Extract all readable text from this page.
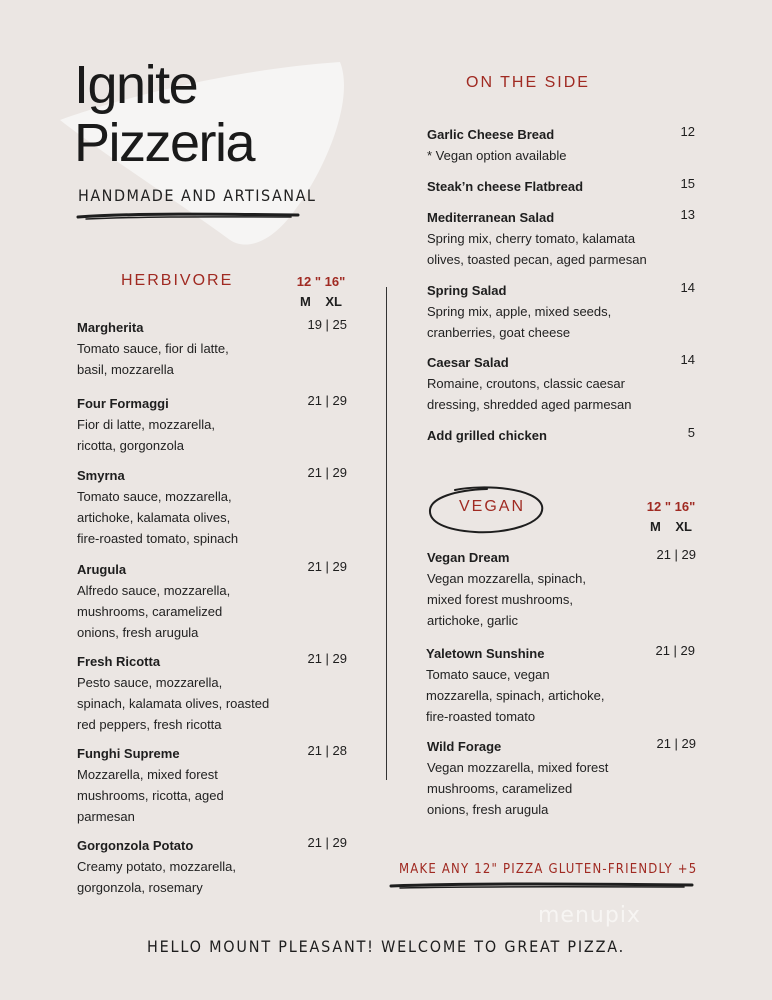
Ignite
Pizzeria
HANDMADE AND ARTISANAL
HERBIVORE	12 " 16"
M XL
Margherita
Tomato sauce, fior di latte,
basil, mozzarella
19 | 25
Four Formaggi
Fior di latte, mozzarella,
ricotta, gorgonzola
21 | 29
Smyrna
Tomato sauce, mozzarella,
artichoke, kalamata olives,
fire-roasted tomato, spinach
21 | 29
Arugula
Alfredo sauce, mozzarella,
mushrooms, caramelized
onions, fresh arugula
21 | 29
Fresh Ricotta
Pesto sauce, mozzarella,
spinach, kalamata olives, roasted
red peppers, fresh ricotta
21 | 29
Funghi Supreme
Mozzarella, mixed forest
mushrooms, ricotta, aged
parmesan
21 | 28
Gorgonzola Potato
Creamy potato, mozzarella,
gorgonzola, rosemary
21 | 29
ON THE SIDE
Garlic Cheese Bread
* Vegan option available
12
Steak’n cheese Flatbread	15
Mediterranean Salad
Spring mix, cherry tomato, kalamata
olives, toasted pecan, aged parmesan
13
Spring Salad
Spring mix, apple, mixed seeds,
cranberries, goat cheese
14
Caesar Salad
Romaine, croutons, classic caesar
dressing, shredded aged parmesan
14
Add grilled chicken	5
VEGAN	12 " 16"
M XL
Vegan Dream
Vegan mozzarella, spinach,
mixed forest mushrooms,
artichoke, garlic
21 | 29
Yaletown Sunshine
Tomato sauce, vegan
mozzarella, spinach, artichoke,
fire-roasted tomato
21 | 29
Wild Forage
Vegan mozzarella, mixed forest
mushrooms, caramelized
onions, fresh arugula
21 | 29
MAKE ANY 12" PIZZA GLUTEN-FRIENDLY +5
menupix
HELLO MOUNT PLEASANT! WELCOME TO GREAT PIZZA.
